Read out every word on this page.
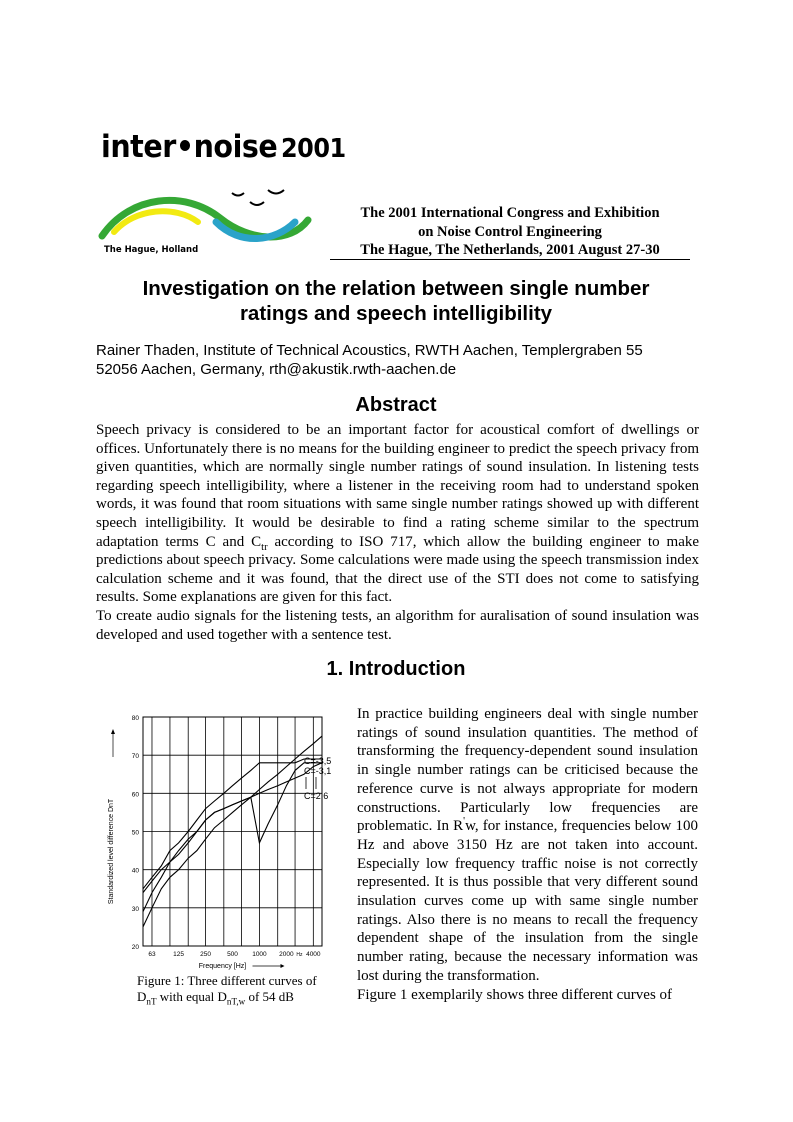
inter•noise 2001
The Hague, Holland
The 2001 International Congress and Exhibition
on Noise Control Engineering
The Hague, The Netherlands, 2001 August 27-30
Investigation on the relation between single number
ratings and speech intelligibility
Rainer Thaden, Institute of Technical Acoustics, RWTH Aachen, Templergraben 55
52056 Aachen, Germany, rth@akustik.rwth-aachen.de
Abstract

Speech privacy is considered to be an important factor for acoustical comfort of dwellings or offices. Unfortunately there is no means for the building engineer to predict the speech privacy from given quantities, which are normally single number ratings of sound insulation. In listening tests regarding speech intelligibility, where a listener in the receiving room had to understand spoken words, it was found that room situations with same single number ratings showed up with different speech intelligibility. It would be desirable to find a rating scheme similar to the spectrum adaptation terms C and $C_{tr}$ according to ISO 717, which allow the building engineer to make predictions about speech privacy. Some calculations were made using the speech transmission index calculation scheme and it was found, that the direct use of the STI does not come to satisfying results. Some explanations are given for this fact.

To create audio signals for the listening tests, an algorithm for auralisation of sound insulation was developed and used together with a sentence test.

1. Introduction
20
30
40
50
60
70
80
63	125 250 500 1000 2000 4000
Hz
Frequency [Hz]
Standardized level difference DnT
C=-3,5
C=-3,1
C=2,6
Figure 1: Three different curves of $D_{nT}$ with equal $D_{nT,w}$ of 54 dB

In practice building engineers deal with single number ratings of sound insulation quantities. The method of transforming the frequency-dependent sound insulation in single number ratings can be criticised because the reference curve is not always appropriate for modern constructions. Particularly low frequencies are problematic. In R'w, for instance, frequencies below 100 Hz and above 3150 Hz are not taken into account. Especially low frequency traffic noise is not correctly represented. It is thus possible that very different sound insulation curves come up with same single number ratings. Also there is no means to recall the frequency dependent shape of the insulation from the single number rating, because the necessary information was lost during the transformation.

Figure 1 exemplarily shows three different curves of
